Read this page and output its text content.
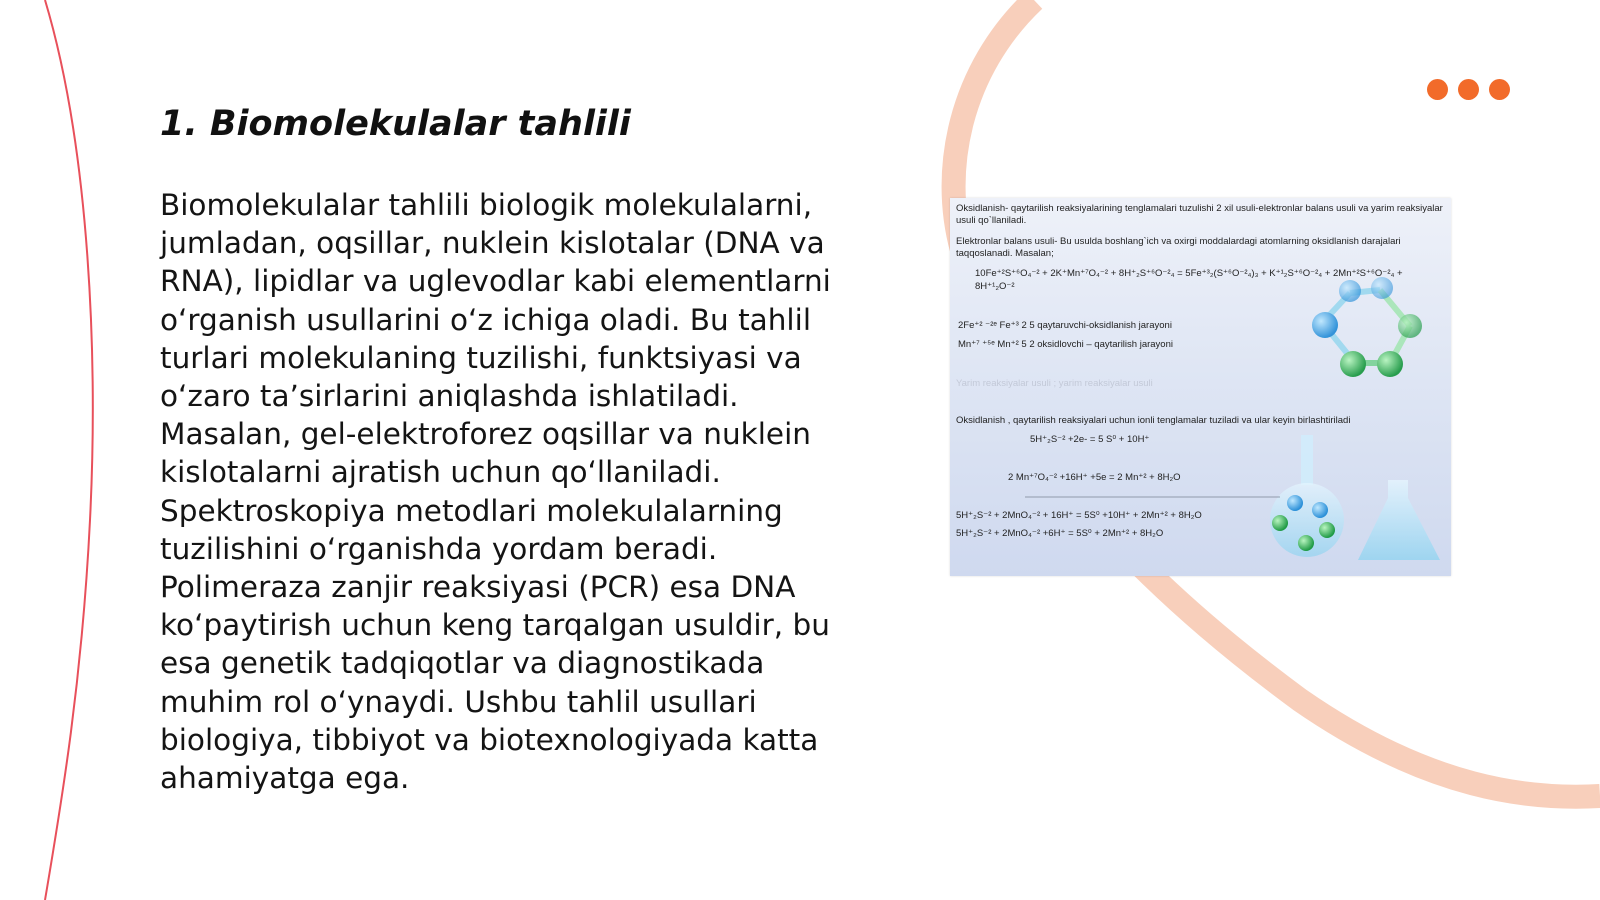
1. Biomolekulalar tahlili

Biomolekulalar tahlili biologik molekulalarni,
jumladan, oqsillar, nuklein kislotalar (DNA va
RNA), lipidlar va uglevodlar kabi elementlarni
o‘rganish usullarini o‘z ichiga oladi. Bu tahlil
turlari molekulaning tuzilishi, funktsiyasi va
o‘zaro ta’sirlarini aniqlashda ishlatiladi.
Masalan, gel-elektroforez oqsillar va nuklein
kislotalarni ajratish uchun qo‘llaniladi.
Spektroskopiya metodlari molekulalarning
tuzilishini o‘rganishda yordam beradi.
Polimeraza zanjir reaksiyasi (PCR) esa DNA
ko‘paytirish uchun keng tarqalgan usuldir, bu
esa genetik tadqiqotlar va diagnostikada
muhim rol o‘ynaydi. Ushbu tahlil usullari
biologiya, tibbiyot va biotexnologiyada katta
ahamiyatga ega.

Oksidlanish- qaytarilish reaksiyalarining tenglamalari tuzulishi 2 xil usuli-elektronlar balans usuli va yarim reaksiyalar usuli qo`llaniladi.
Elektronlar balans usuli- Bu usulda boshlang`ich va oxirgi moddalardagi atomlarning oksidlanish darajalari taqqoslanadi. Masalan;
10Fe⁺²S⁺⁶O₄⁻² + 2K⁺Mn⁺⁷O₄⁻² + 8H⁺₂S⁺⁶O⁻²₄ = 5Fe⁺³₂(S⁺⁶O⁻²₄)₃ + K⁺¹₂S⁺⁶O⁻²₄ + 2Mn⁺²S⁺⁶O⁻²₄ +
8H⁺¹₂O⁻²
2Fe⁺² ⁻²ᵉ Fe⁺³ 2 5 qaytaruvchi-oksidlanish jarayoni
Mn⁺⁷ ⁺⁵ᵉ Mn⁺² 5 2 oksidlovchi – qaytarilish jarayoni
Yarim reaksiyalar usuli ; yarim reaksiyalar usuli
Oksidlanish , qaytarilish reaksiyalari uchun ionli tenglamalar tuziladi va ular keyin birlashtiriladi
5H⁺₂S⁻² +2e- = 5 S⁰ + 10H⁺
2 Mn⁺⁷O₄⁻² +16H⁺ +5e = 2 Mn⁺² + 8H₂O
5H⁺₂S⁻² + 2MnO₄⁻² + 16H⁺ = 5S⁰ +10H⁺ + 2Mn⁺² + 8H₂O
5H⁺₂S⁻² + 2MnO₄⁻² +6H⁺ = 5S⁰ + 2Mn⁺² + 8H₂O
